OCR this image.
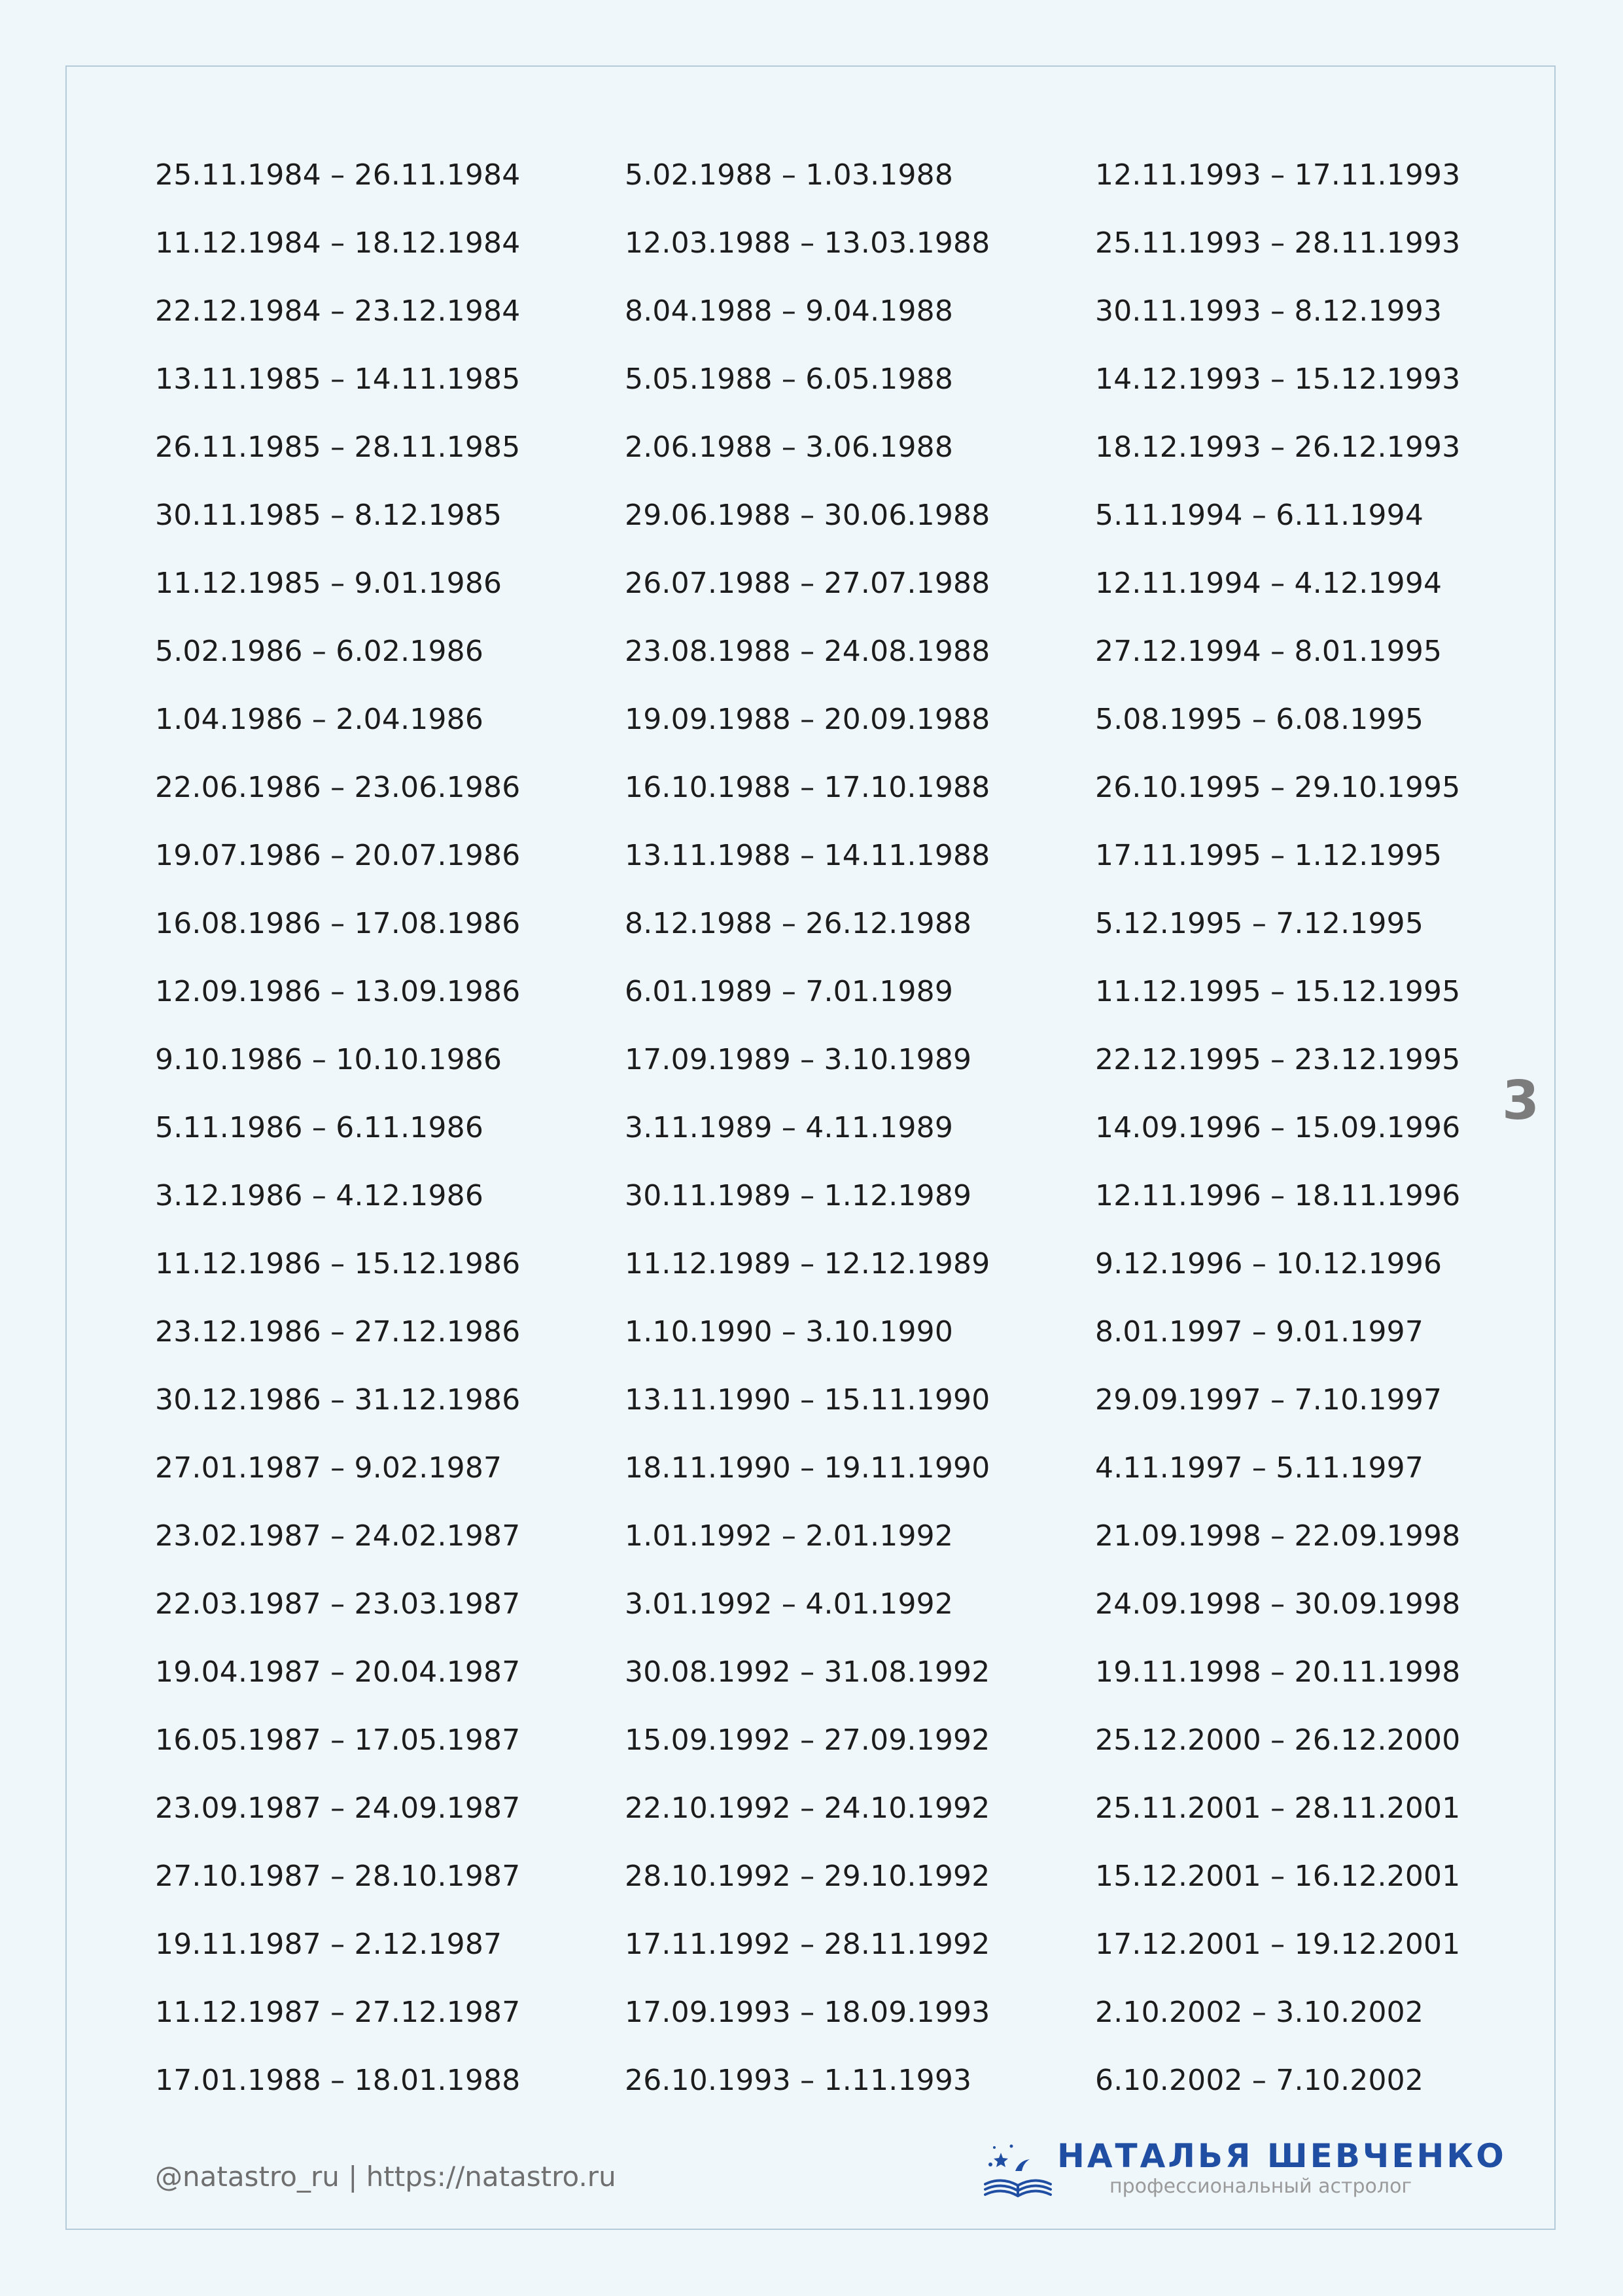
25.11.1984 – 26.11.1984
11.12.1984 – 18.12.1984
22.12.1984 – 23.12.1984
13.11.1985 – 14.11.1985
26.11.1985 – 28.11.1985
30.11.1985 – 8.12.1985
11.12.1985 – 9.01.1986
5.02.1986 – 6.02.1986
1.04.1986 – 2.04.1986
22.06.1986 – 23.06.1986
19.07.1986 – 20.07.1986
16.08.1986 – 17.08.1986
12.09.1986 – 13.09.1986
9.10.1986 – 10.10.1986
5.11.1986 – 6.11.1986
3.12.1986 – 4.12.1986
11.12.1986 – 15.12.1986
23.12.1986 – 27.12.1986
30.12.1986 – 31.12.1986
27.01.1987 – 9.02.1987
23.02.1987 – 24.02.1987
22.03.1987 – 23.03.1987
19.04.1987 – 20.04.1987
16.05.1987 – 17.05.1987
23.09.1987 – 24.09.1987
27.10.1987 – 28.10.1987
19.11.1987 – 2.12.1987
11.12.1987 – 27.12.1987
17.01.1988 – 18.01.1988
5.02.1988 – 1.03.1988
12.03.1988 – 13.03.1988
8.04.1988 – 9.04.1988
5.05.1988 – 6.05.1988
2.06.1988 – 3.06.1988
29.06.1988 – 30.06.1988
26.07.1988 – 27.07.1988
23.08.1988 – 24.08.1988
19.09.1988 – 20.09.1988
16.10.1988 – 17.10.1988
13.11.1988 – 14.11.1988
8.12.1988 – 26.12.1988
6.01.1989 – 7.01.1989
17.09.1989 – 3.10.1989
3.11.1989 – 4.11.1989
30.11.1989 – 1.12.1989
11.12.1989 – 12.12.1989
1.10.1990 – 3.10.1990
13.11.1990 – 15.11.1990
18.11.1990 – 19.11.1990
1.01.1992 – 2.01.1992
3.01.1992 – 4.01.1992
30.08.1992 – 31.08.1992
15.09.1992 – 27.09.1992
22.10.1992 – 24.10.1992
28.10.1992 – 29.10.1992
17.11.1992 – 28.11.1992
17.09.1993 – 18.09.1993
26.10.1993 – 1.11.1993
12.11.1993 – 17.11.1993
25.11.1993 – 28.11.1993
30.11.1993 – 8.12.1993
14.12.1993 – 15.12.1993
18.12.1993 – 26.12.1993
5.11.1994 – 6.11.1994
12.11.1994 – 4.12.1994
27.12.1994 – 8.01.1995
5.08.1995 – 6.08.1995
26.10.1995 – 29.10.1995
17.11.1995 – 1.12.1995
5.12.1995 – 7.12.1995
11.12.1995 – 15.12.1995
22.12.1995 – 23.12.1995
14.09.1996 – 15.09.1996
12.11.1996 – 18.11.1996
9.12.1996 – 10.12.1996
8.01.1997 – 9.01.1997
29.09.1997 – 7.10.1997
4.11.1997 – 5.11.1997
21.09.1998 – 22.09.1998
24.09.1998 – 30.09.1998
19.11.1998 – 20.11.1998
25.12.2000 – 26.12.2000
25.11.2001 – 28.11.2001
15.12.2001 – 16.12.2001
17.12.2001 – 19.12.2001
2.10.2002 – 3.10.2002
6.10.2002 – 7.10.2002
3
@natastro_ru | https://natastro.ru
НАТАЛЬЯ ШЕВЧЕНКО
профессиональный астролог
